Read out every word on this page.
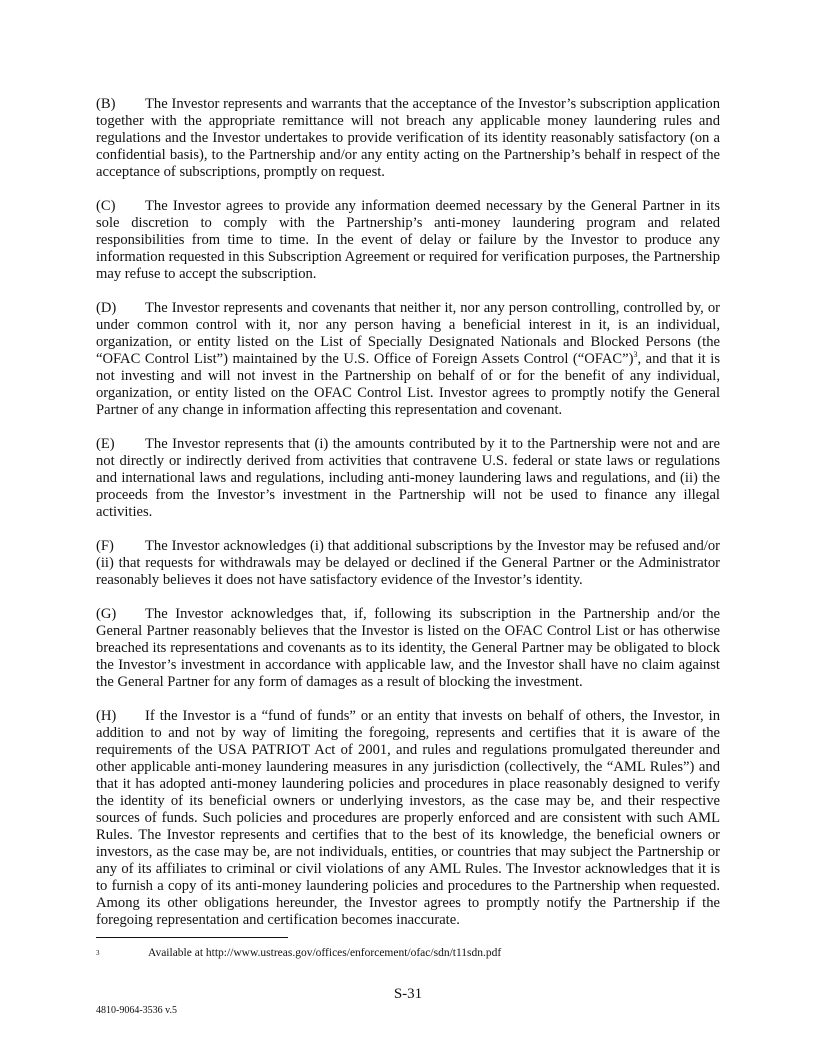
(B) The Investor represents and warrants that the acceptance of the Investor’s subscription application together with the appropriate remittance will not breach any applicable money laundering rules and regulations and the Investor undertakes to provide verification of its identity reasonably satisfactory (on a confidential basis), to the Partnership and/or any entity acting on the Partnership’s behalf in respect of the acceptance of subscriptions, promptly on request.

(C) The Investor agrees to provide any information deemed necessary by the General Partner in its sole discretion to comply with the Partnership’s anti-money laundering program and related responsibilities from time to time. In the event of delay or failure by the Investor to produce any information requested in this Subscription Agreement or required for verification purposes, the Partnership may refuse to accept the subscription.

(D) The Investor represents and covenants that neither it, nor any person controlling, controlled by, or under common control with it, nor any person having a beneficial interest in it, is an individual, organization, or entity listed on the List of Specially Designated Nationals and Blocked Persons (the “OFAC Control List”) maintained by the U.S. Office of Foreign Assets Control (“OFAC”)$^3$, and that it is not investing and will not invest in the Partnership on behalf of or for the benefit of any individual, organization, or entity listed on the OFAC Control List. Investor agrees to promptly notify the General Partner of any change in information affecting this representation and covenant.

(E) The Investor represents that (i) the amounts contributed by it to the Partnership were not and are not directly or indirectly derived from activities that contravene U.S. federal or state laws or regulations and international laws and regulations, including anti-money laundering laws and regulations, and (ii) the proceeds from the Investor’s investment in the Partnership will not be used to finance any illegal activities.

(F) The Investor acknowledges (i) that additional subscriptions by the Investor may be refused and/or (ii) that requests for withdrawals may be delayed or declined if the General Partner or the Administrator reasonably believes it does not have satisfactory evidence of the Investor’s identity.

(G) The Investor acknowledges that, if, following its subscription in the Partnership and/or the General Partner reasonably believes that the Investor is listed on the OFAC Control List or has otherwise breached its representations and covenants as to its identity, the General Partner may be obligated to block the Investor’s investment in accordance with applicable law, and the Investor shall have no claim against the General Partner for any form of damages as a result of blocking the investment.

(H) If the Investor is a “fund of funds” or an entity that invests on behalf of others, the Investor, in addition to and not by way of limiting the foregoing, represents and certifies that it is aware of the requirements of the USA PATRIOT Act of 2001, and rules and regulations promulgated thereunder and other applicable anti-money laundering measures in any jurisdiction (collectively, the “AML Rules”) and that it has adopted anti-money laundering policies and procedures in place reasonably designed to verify the identity of its beneficial owners or underlying investors, as the case may be, and their respective sources of funds. Such policies and procedures are properly enforced and are consistent with such AML Rules. The Investor represents and certifies that to the best of its knowledge, the beneficial owners or investors, as the case may be, are not individuals, entities, or countries that may subject the Partnership or any of its affiliates to criminal or civil violations of any AML Rules. The Investor acknowledges that it is to furnish a copy of its anti-money laundering policies and procedures to the Partnership when requested. Among its other obligations hereunder, the Investor agrees to promptly notify the Partnership if the foregoing representation and certification becomes inaccurate.

3	Available at http://www.ustreas.gov/offices/enforcement/ofac/sdn/t11sdn.pdf
S-31
4810-9064-3536 v.5
